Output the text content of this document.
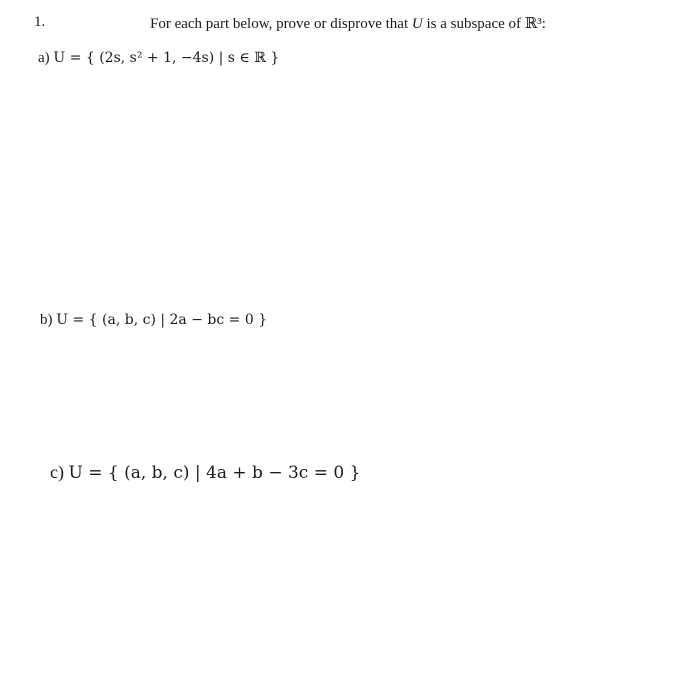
1.	For each part below, prove or disprove that U is a subspace of ℝ³:
a) U = { (2s, s² + 1, −4s) | s ∈ ℝ }
b) U = { (a, b, c) | 2a − bc = 0 }
c) U = { (a, b, c) | 4a + b − 3c = 0 }
